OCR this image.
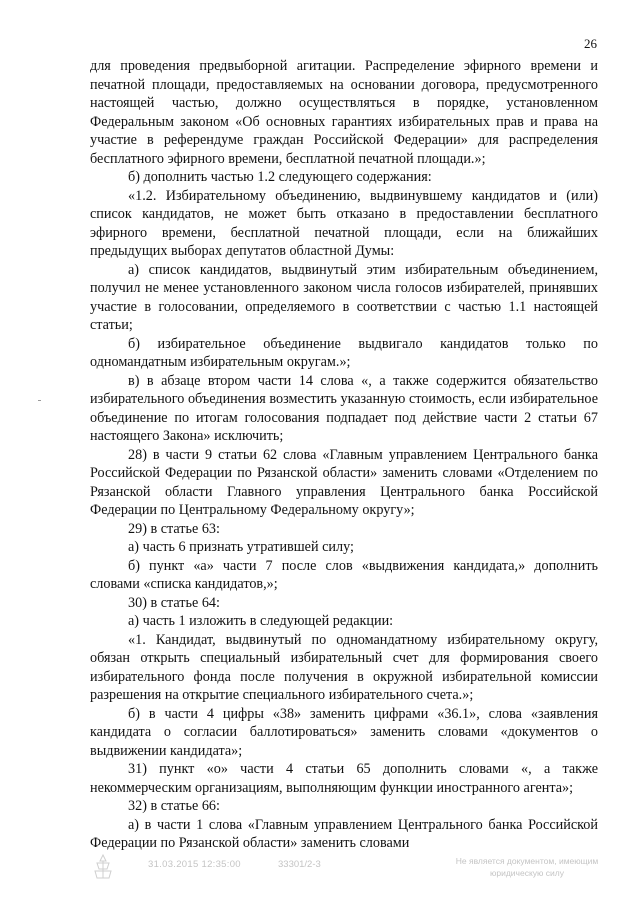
26

для проведения предвыборной агитации. Распределение эфирного времени и печатной площади, предоставляемых на основании договора, предусмотренного настоящей частью, должно осуществляться в порядке, установленном Федеральным законом «Об основных гарантиях избирательных прав и права на участие в референдуме граждан Российской Федерации» для распределения бесплатного эфирного времени, бесплатной печатной площади.»;

б) дополнить частью 1.2 следующего содержания:

«1.2. Избирательному объединению, выдвинувшему кандидатов и (или) список кандидатов, не может быть отказано в предоставлении бесплатного эфирного времени, бесплатной печатной площади, если на ближайших предыдущих выборах депутатов областной Думы:

а) список кандидатов, выдвинутый этим избирательным объединением, получил не менее установленного законом числа голосов избирателей, принявших участие в голосовании, определяемого в соответствии с частью 1.1 настоящей статьи;

б) избирательное объединение выдвигало кандидатов только по одномандатным избирательным округам.»;

в) в абзаце втором части 14 слова «, а также содержится обязательство избирательного объединения возместить указанную стоимость, если избирательное объединение по итогам голосования подпадает под действие части 2 статьи 67 настоящего Закона» исключить;

28) в части 9 статьи 62 слова «Главным управлением Центрального банка Российской Федерации по Рязанской области» заменить словами «Отделением по Рязанской области Главного управления Центрального банка Российской Федерации по Центральному Федеральному округу»;

29) в статье 63:

а) часть 6 признать утратившей силу;

б) пункт «а» части 7 после слов «выдвижения кандидата,» дополнить словами «списка кандидатов,»;

30) в статье 64:

а) часть 1 изложить в следующей редакции:

«1. Кандидат, выдвинутый по одномандатному избирательному округу, обязан открыть специальный избирательный счет для формирования своего избирательного фонда после получения в окружной избирательной комиссии разрешения на открытие специального избирательного счета.»;

б) в части 4 цифры «38» заменить цифрами «36.1», слова «заявления кандидата о согласии баллотироваться» заменить словами «документов о выдвижении кандидата»;

31) пункт «о» части 4 статьи 65 дополнить словами «, а также некоммерческим организациям, выполняющим функции иностранного агента»;

32) в статье 66:

а) в части 1 слова «Главным управлением Центрального банка Российской Федерации по Рязанской области» заменить словами

31.03.2015 12:35:00	33301/2-3	Не является документом, имеющим
юридическую силу
